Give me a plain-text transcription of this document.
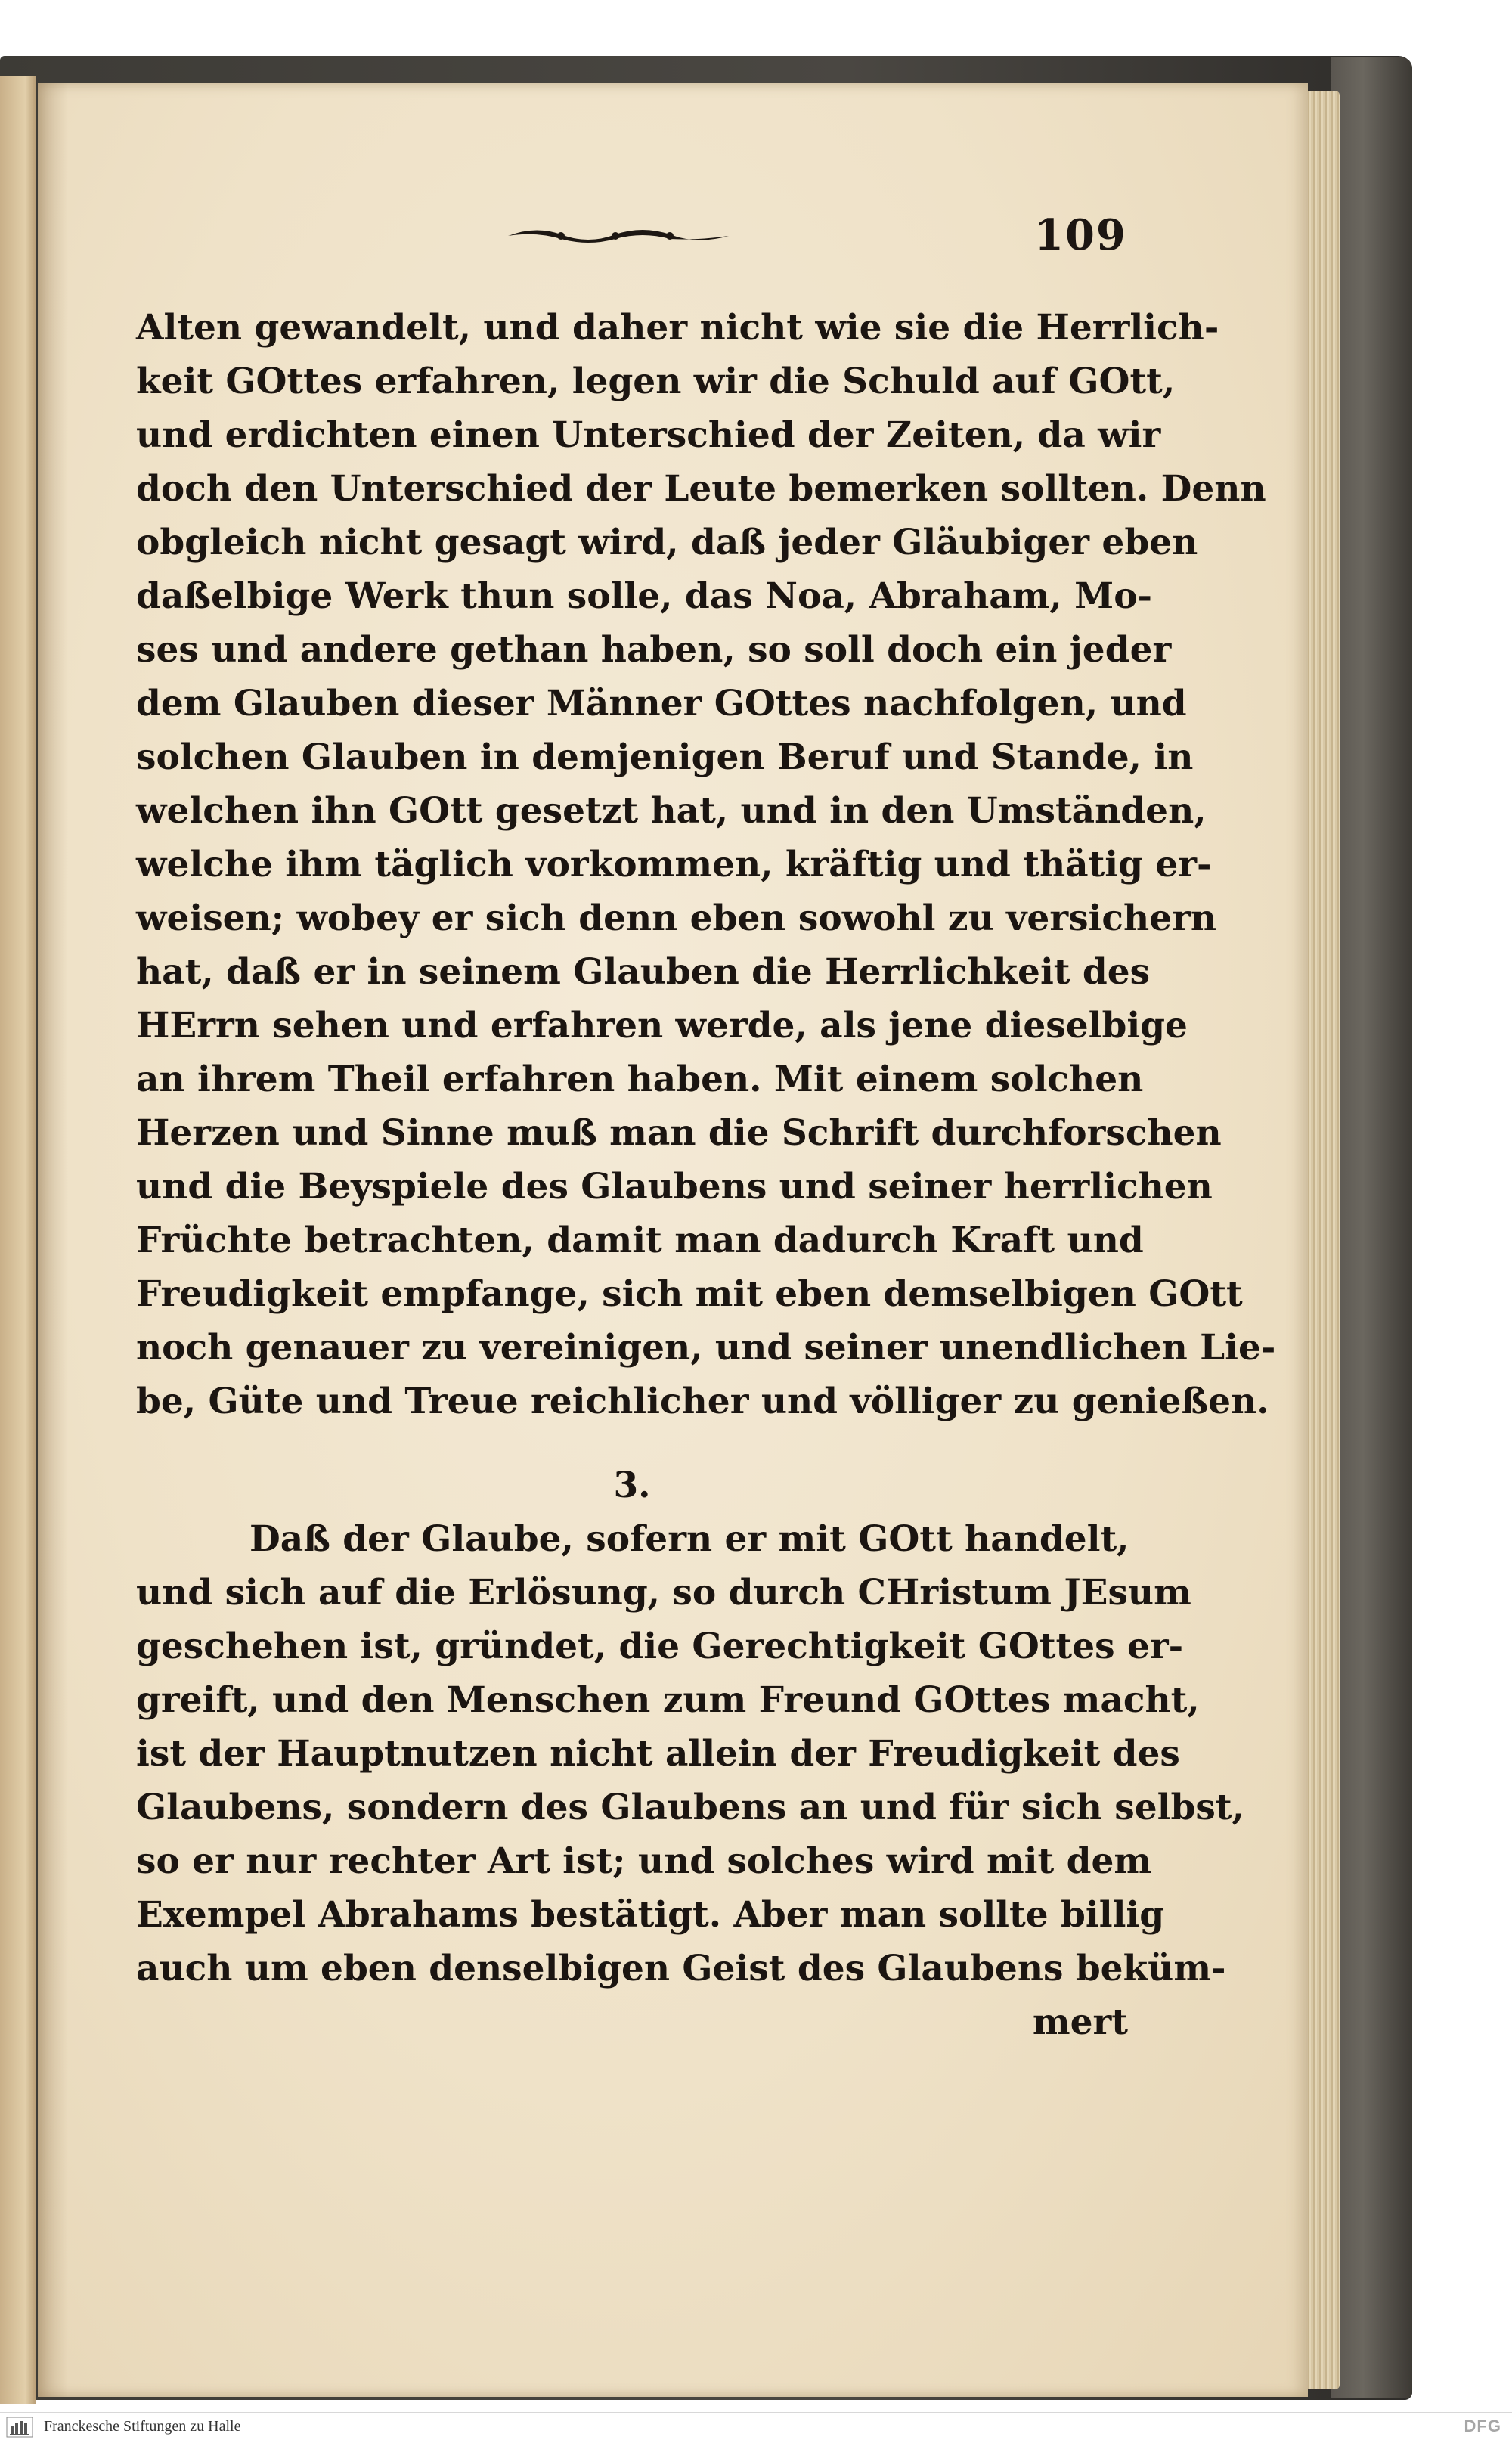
109
Alten gewandelt, und daher nicht wie sie die Herrlich-
keit GOttes erfahren, legen wir die Schuld auf GOtt,
und erdichten einen Unterschied der Zeiten, da wir
doch den Unterschied der Leute bemerken sollten. Denn
obgleich nicht gesagt wird, daß jeder Gläubiger eben
daßelbige Werk thun solle, das Noa, Abraham, Mo-
ses und andere gethan haben, so soll doch ein jeder
dem Glauben dieser Männer GOttes nachfolgen, und
solchen Glauben in demjenigen Beruf und Stande, in
welchen ihn GOtt gesetzt hat, und in den Umständen,
welche ihm täglich vorkommen, kräftig und thätig er-
weisen; wobey er sich denn eben sowohl zu versichern
hat, daß er in seinem Glauben die Herrlichkeit des
HErrn sehen und erfahren werde, als jene dieselbige
an ihrem Theil erfahren haben. Mit einem solchen
Herzen und Sinne muß man die Schrift durchforschen
und die Beyspiele des Glaubens und seiner herrlichen
Früchte betrachten, damit man dadurch Kraft und
Freudigkeit empfange, sich mit eben demselbigen GOtt
noch genauer zu vereinigen, und seiner unendlichen Lie-
be, Güte und Treue reichlicher und völliger zu genießen.
3.
Daß der Glaube, sofern er mit GOtt handelt,
und sich auf die Erlösung, so durch CHristum JEsum
geschehen ist, gründet, die Gerechtigkeit GOttes er-
greift, und den Menschen zum Freund GOttes macht,
ist der Hauptnutzen nicht allein der Freudigkeit des
Glaubens, sondern des Glaubens an und für sich selbst,
so er nur rechter Art ist; und solches wird mit dem
Exempel Abrahams bestätigt. Aber man sollte billig
auch um eben denselbigen Geist des Glaubens beküm-
mert
Franckesche Stiftungen zu Halle	DFG
